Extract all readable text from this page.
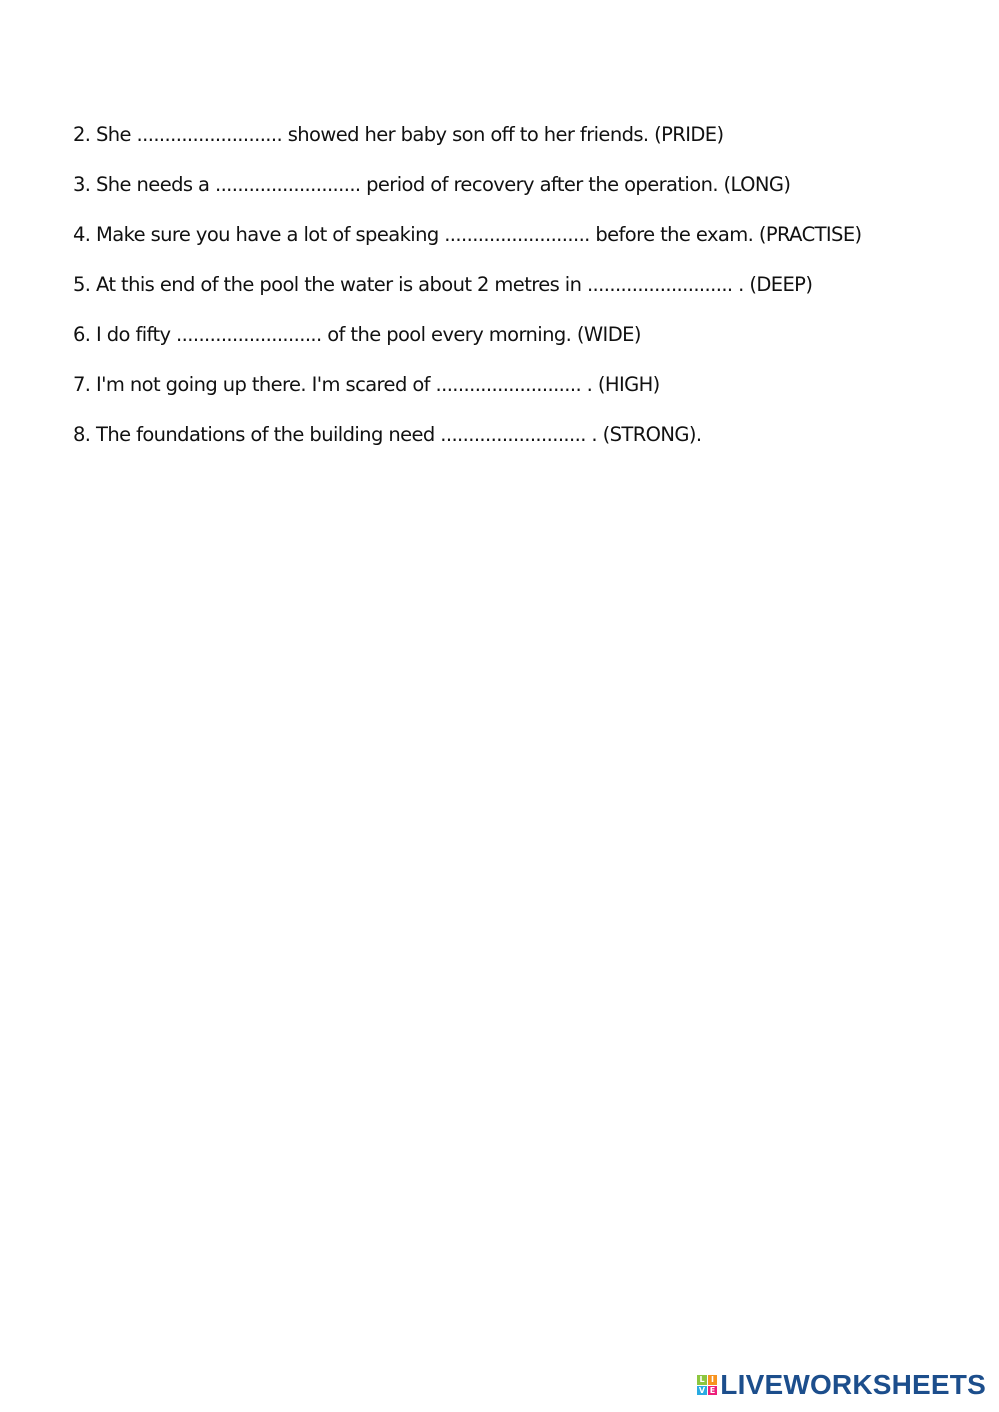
2. She .......................... showed her baby son off to her friends. (PRIDE)
3. She needs a .......................... period of recovery after the operation. (LONG)
4. Make sure you have a lot of speaking .......................... before the exam. (PRACTISE)
5. At this end of the pool the water is about 2 metres in .......................... . (DEEP)
6. I do fifty .......................... of the pool every morning. (WIDE)
7. I'm not going up there. I'm scared of .......................... . (HIGH)
8. The foundations of the building need .......................... . (STRONG).
L I
V E LIVEWORKSHEETS
